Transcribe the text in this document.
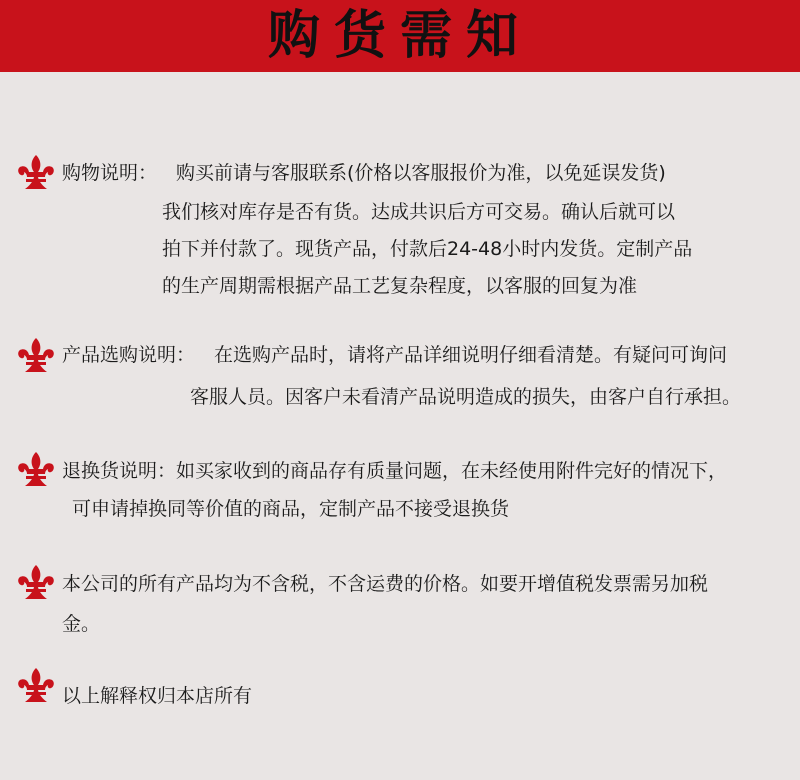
购货需知
购物说明： 购买前请与客服联系(价格以客服报价为准，以免延误发货)
我们核对库存是否有货。达成共识后方可交易。确认后就可以
拍下并付款了。现货产品，付款后24-48小时内发货。定制产品
的生产周期需根据产品工艺复杂程度，以客服的回复为准
产品选购说明： 在选购产品时，请将产品详细说明仔细看清楚。有疑问可询问
客服人员。因客户未看清产品说明造成的损失，由客户自行承担。
退换货说明： 如买家收到的商品存有质量问题，在未经使用附件完好的情况下，
可申请掉换同等价值的商品，定制产品不接受退换货
本公司的所有产品均为不含税，不含运费的价格。如要开增值税发票需另加税
金。
以上解释权归本店所有
